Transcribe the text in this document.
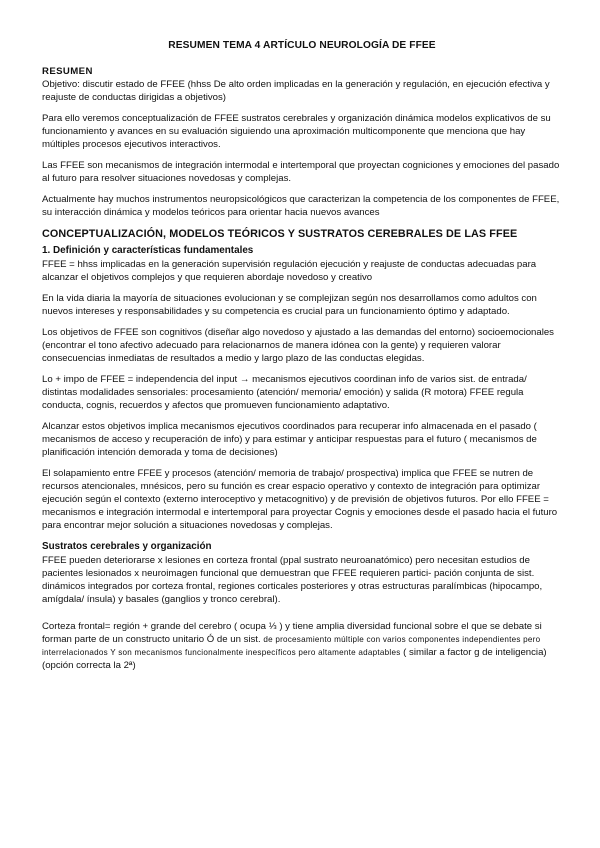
RESUMEN TEMA 4 ARTÍCULO NEUROLOGÍA DE FFEE
RESUMEN

Objetivo: discutir estado de FFEE (hhss De alto orden implicadas en la generación y regulación, en ejecución efectiva y reajuste de conductas dirigidas a objetivos)

Para ello veremos conceptualización de FFEE sustratos cerebrales y organización dinámica modelos explicativos de su funcionamiento y avances en su evaluación siguiendo una aproximación multicomponente que menciona que hay múltiples procesos ejecutivos interactivos.

Las FFEE son mecanismos de integración intermodal e intertemporal que proyectan cogniciones y emociones del pasado al futuro para resolver situaciones novedosas y complejas.

Actualmente hay muchos instrumentos neuropsicológicos que caracterizan la competencia de los componentes de FFEE, su interacción dinámica y modelos teóricos para orientar hacia nuevos avances

CONCEPTUALIZACIÓN, MODELOS TEÓRICOS Y SUSTRATOS CEREBRALES DE LAS FFEE
1. Definición y características fundamentales

FFEE = hhss implicadas en la generación supervisión regulación ejecución y reajuste de conductas adecuadas para alcanzar el objetivos complejos y que requieren abordaje novedoso y creativo

En la vida diaria la mayoría de situaciones evolucionan y se complejizan según nos desarrollamos como adultos con nuevos intereses y responsabilidades y su competencia es crucial para un funcionamiento óptimo y adaptado.

Los objetivos de FFEE son cognitivos (diseñar algo novedoso y ajustado a las demandas del entorno) socioemocionales (encontrar el tono afectivo adecuado para relacionarnos de manera idónea con la gente) y requieren valorar consecuencias inmediatas de resultados a medio y largo plazo de las conductas elegidas.

Lo + impo de FFEE = independencia del input → mecanismos ejecutivos coordinan info de varios sist. de entrada/ distintas modalidades sensoriales: procesamiento (atención/ memoria/ emoción) y salida (R motora) FFEE regula conducta, cognis, recuerdos y afectos que promueven funcionamiento adaptativo.

Alcanzar estos objetivos implica mecanismos ejecutivos coordinados para recuperar info almacenada en el pasado ( mecanismos de acceso y recuperación de info) y para estimar y anticipar respuestas para el futuro ( mecanismos de planificación intención demorada y toma de decisiones)

El solapamiento entre FFEE y procesos (atención/ memoria de trabajo/ prospectiva) implica que FFEE se nutren de recursos atencionales, mnésicos, pero su función es crear espacio operativo y contexto de integración para optimizar ejecución según el contexto (externo interoceptivo y metacognitivo) y de previsión de objetivos futuros. Por ello FFEE = mecanismos e integración intermodal e intertemporal para proyectar Cognis y emociones desde el pasado hacia el futuro para encontrar mejor solución a situaciones novedosas y complejas.

Sustratos cerebrales y organización

FFEE pueden deteriorarse x lesiones en corteza frontal (ppal sustrato neuroanatómico) pero necesitan estudios de pacientes lesionados x neuroimagen funcional que demuestran que FFEE requieren partici- pación conjunta de sist. dinámicos integrados por corteza frontal, regiones corticales posteriores y otras estructuras paralímbicas (hipocampo, amígdala/ ínsula) y basales (ganglios y tronco cerebral).

Corteza frontal= región + grande del cerebro ( ocupa ⅓ ) y tiene amplia diversidad funcional sobre el que se debate si forman parte de un constructo unitario Ó de un sist. de procesamiento múltiple con varios componentes independientes pero interrelacionados Y son mecanismos funcionalmente inespecíficos pero altamente adaptables ( similar a factor g de inteligencia) (opción correcta la 2ª)
